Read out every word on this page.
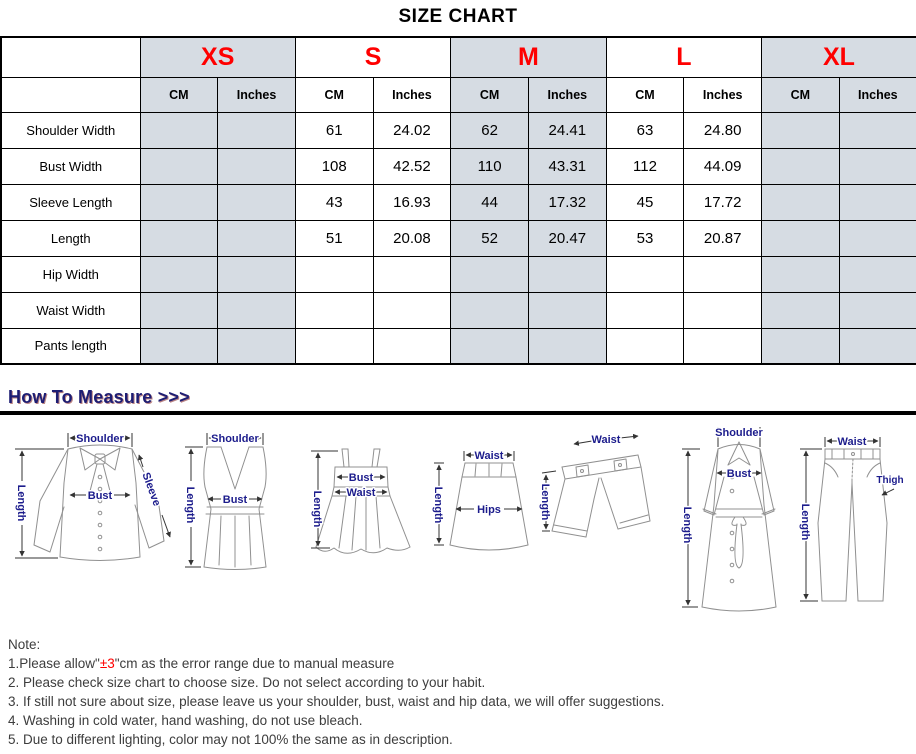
SIZE CHART
	XS		S		M		L		XL	
	CM	Inches	CM	Inches	CM	Inches	CM	Inches	CM	Inches
Shoulder Width			61	24.02	62	24.41	63	24.80		
Bust Width			108	42.52	110	43.31	112	44.09		
Sleeve Length			43	16.93	44	17.32	45	17.72		
Length			51	20.08	52	20.47	53	20.87		
Hip Width										
Waist Width										
Pants length										
How To Measure >>>
Shoulder
Bust
Length	Sleeve
Shoulder
Bust
Length
Bust
Waist
Length
Waist
Hips
Length
Waist
Length
Shoulder
Bust
Length
Waist
Thigh
Length
Note:
1.Please allow"±3"cm as the error range due to manual measure
2. Please check size chart to choose size. Do not select according to your habit.
3. If still not sure about size, please leave us your shoulder, bust, waist and hip data, we will offer suggestions.
4. Washing in cold water, hand washing, do not use bleach.
5. Due to different lighting, color may not 100% the same as in description.
